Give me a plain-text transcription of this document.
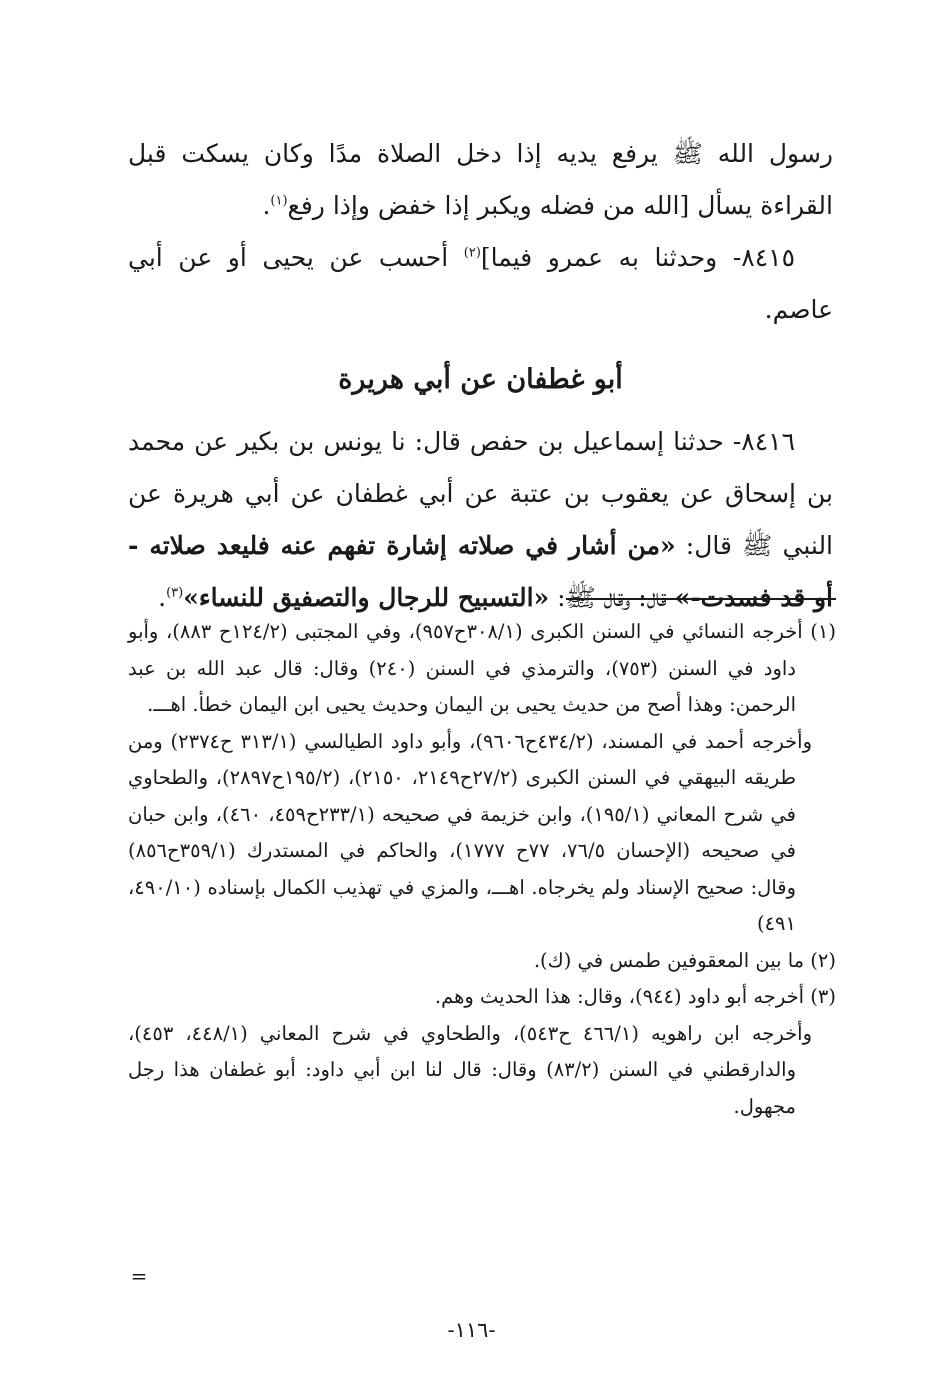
رسول الله ﷺ يرفع يديه إذا دخل الصلاة مدًا وكان يسكت قبل القراءة يسأل [الله من فضله ويكبر إذا خفض وإذا رفع$^{(١)}$.

٨٤١٥- وحدثنا به عمرو فيما]$^{(٢)}$ أحسب عن يحيى أو عن أبي عاصم.

أبو غطفان عن أبي هريرة

٨٤١٦- حدثنا إسماعيل بن حفص قال: نا يونس بن بكير عن محمد بن إسحاق عن يعقوب بن عتبة عن أبي غطفان عن أبي هريرة عن النبي ﷺ قال: «من أشار في صلاته إشارة تفهم عنه فليعد صلاته - أو قد فسدت-» قال: وقال ﷺ: «التسبيح للرجال والتصفيق للنساء»$^{(٣)}$.

(١) أخرجه النسائي في السنن الكبرى (٣٠٨/١ح٩٥٧)، وفي المجتبى (١٢٤/٢ح ٨٨٣)، وأبو داود في السنن (٧٥٣)، والترمذي في السنن (٢٤٠) وقال: قال عبد الله بن عبد الرحمن: وهذا أصح من حديث يحيى بن اليمان وحديث يحيى ابن اليمان خطأ. اهـــ.

وأخرجه أحمد في المسند، (٤٣٤/٢ح٩٦٠٦)، وأبو داود الطيالسي (٣١٣/١ ح٢٣٧٤) ومن طريقه البيهقي في السنن الكبرى (٢٧/٢ح٢١٤٩، ٢١٥٠)، (١٩٥/٢ح٢٨٩٧)، والطحاوي في شرح المعاني (١٩٥/١)، وابن خزيمة في صحيحه (٢٣٣/١ح٤٥٩، ٤٦٠)، وابن حبان في صحيحه (الإحسان ٧٦/٥، ٧٧ح ١٧٧٧)، والحاكم في المستدرك (٣٥٩/١ح٨٥٦) وقال: صحيح الإسناد ولم يخرجاه. اهـــ، والمزي في تهذيب الكمال بإسناده (٤٩٠/١٠، ٤٩١)

(٢) ما بين المعقوفين طمس في (ك).

(٣) أخرجه أبو داود (٩٤٤)، وقال: هذا الحديث وهم.

وأخرجه ابن راهويه (٤٦٦/١ ح٥٤٣)، والطحاوي في شرح المعاني (٤٤٨/١، ٤٥٣)، والدارقطني في السنن (٨٣/٢) وقال: قال لنا ابن أبي داود: أبو غطفان هذا رجل مجهول.

=
-١١٦-
